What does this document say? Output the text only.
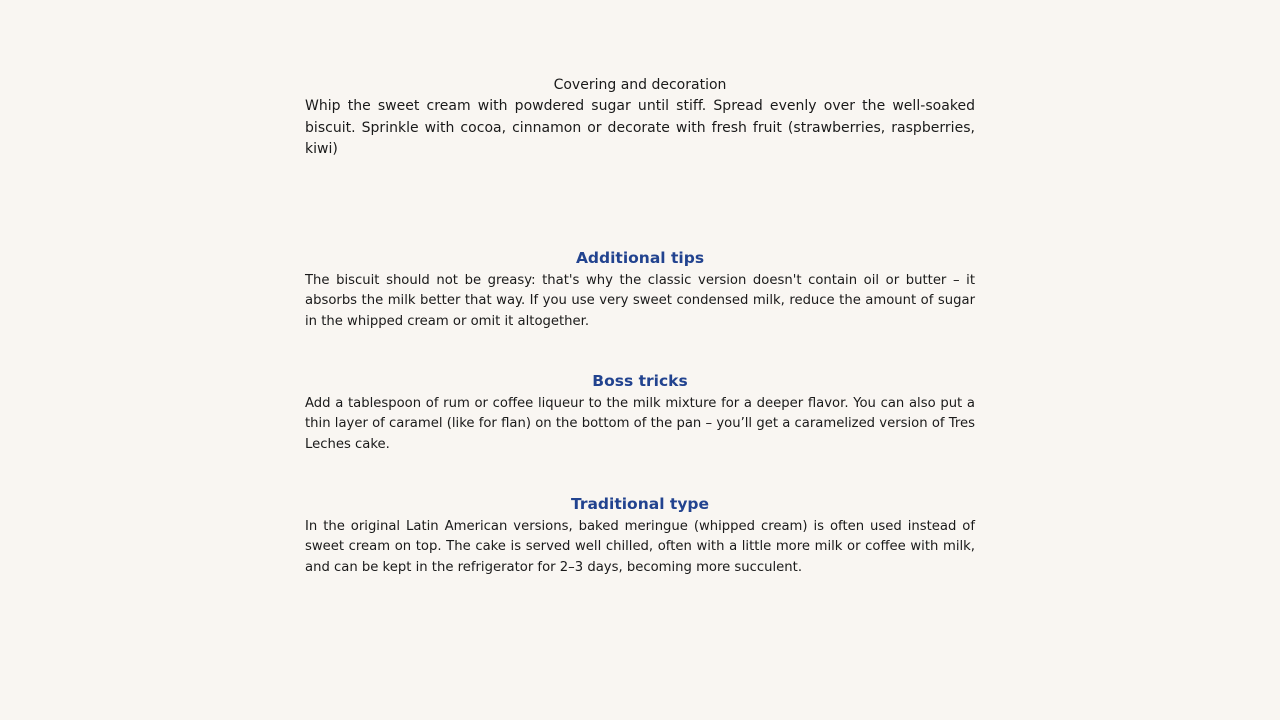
Covering and decoration

Whip the sweet cream with powdered sugar until stiff. Spread evenly over the well-soaked biscuit. Sprinkle with cocoa, cinnamon or decorate with fresh fruit (strawberries, raspberries, kiwi)

Additional tips

The biscuit should not be greasy: that's why the classic version doesn't contain oil or butter – it absorbs the milk better that way. If you use very sweet condensed milk, reduce the amount of sugar in the whipped cream or omit it altogether.

Boss tricks

Add a tablespoon of rum or coffee liqueur to the milk mixture for a deeper flavor. You can also put a thin layer of caramel (like for flan) on the bottom of the pan – you’ll get a caramelized version of Tres Leches cake.

Traditional type

In the original Latin American versions, baked meringue (whipped cream) is often used instead of sweet cream on top. The cake is served well chilled, often with a little more milk or coffee with milk, and can be kept in the refrigerator for 2–3 days, becoming more succulent.
